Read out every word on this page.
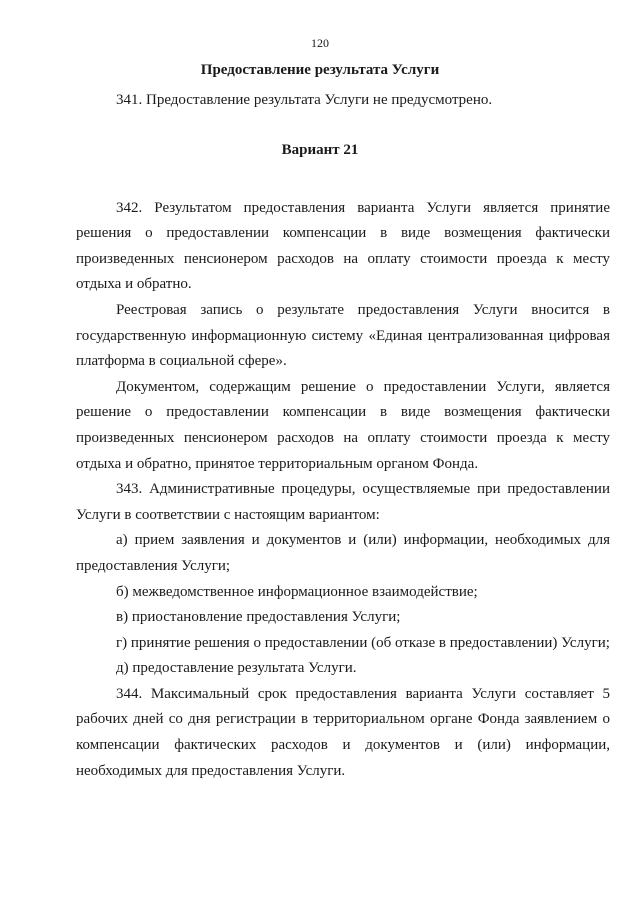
120
Предоставление результата Услуги

341. Предоставление результата Услуги не предусмотрено.

342. Результатом предоставления варианта Услуги является принятие решения о предоставлении компенсации в виде возмещения фактически произведенных пенсионером расходов на оплату стоимости проезда к месту отдыха и обратно.

Реестровая запись о результате предоставления Услуги вносится в государственную информационную систему «Единая централизованная цифровая платформа в социальной сфере».

Документом, содержащим решение о предоставлении Услуги, является решение о предоставлении компенсации в виде возмещения фактически произведенных пенсионером расходов на оплату стоимости проезда к месту отдыха и обратно, принятое территориальным органом Фонда.

343. Административные процедуры, осуществляемые при предоставлении Услуги в соответствии с настоящим вариантом:

а) прием заявления и документов и (или) информации, необходимых для предоставления Услуги;

б) межведомственное информационное взаимодействие;

в) приостановление предоставления Услуги;

г) принятие решения о предоставлении (об отказе в предоставлении) Услуги;

д) предоставление результата Услуги.

344. Максимальный срок предоставления варианта Услуги составляет 5 рабочих дней со дня регистрации в территориальном органе Фонда заявлением о компенсации фактических расходов и документов и (или) информации, необходимых для предоставления Услуги.

Вариант 21
